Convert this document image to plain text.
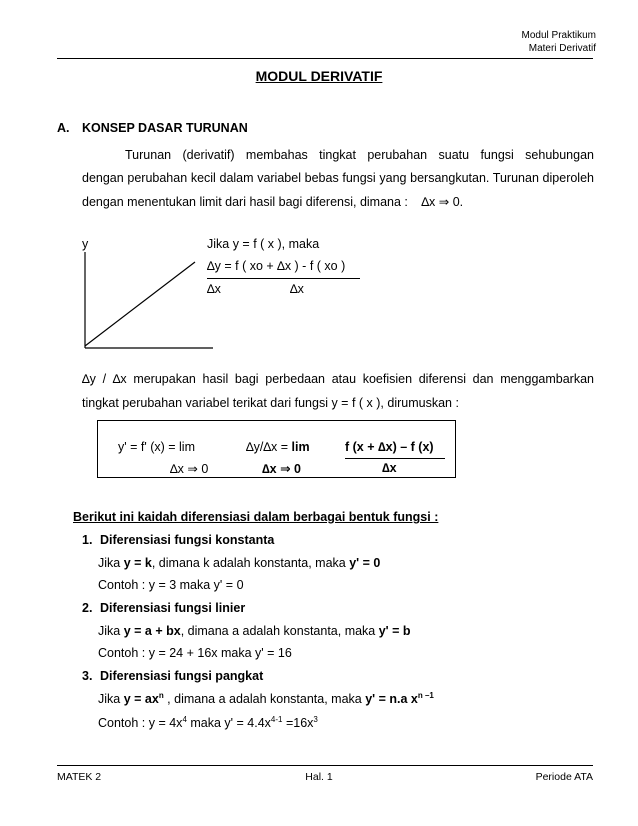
Modul Praktikum
Materi Derivatif
MODUL DERIVATIF
A. KONSEP DASAR TURUNAN
Turunan (derivatif) membahas tingkat perubahan suatu fungsi sehubungan
dengan perubahan kecil dalam variabel bebas fungsi yang bersangkutan. Turunan diperoleh
dengan menentukan limit dari hasil bagi diferensi, dimana : ∆x ⇒ 0.
y	Jika y = f ( x ), maka
∆y = f ( xo + ∆x ) - f ( xo )
∆x	∆x
∆y / ∆x merupakan hasil bagi perbedaan atau koefisien diferensi dan menggambarkan
tingkat perubahan variabel terikat dari fungsi y = f ( x ), dirumuskan :
y' = f' (x) = lim	∆y/∆x = lim	f (x + ∆x) – f (x)
∆x ⇒ 0	∆x ⇒ 0	∆x
Berikut ini kaidah diferensiasi dalam berbagai bentuk fungsi :
1. Diferensiasi fungsi konstanta
Jika y = k, dimana k adalah konstanta, maka y' = 0
Contoh : y = 3 maka y' = 0
2. Diferensiasi fungsi linier
Jika y = a + bx, dimana a adalah konstanta, maka y' = b
Contoh : y = 24 + 16x maka y' = 16
3. Diferensiasi fungsi pangkat
Jika $y = ax^n$ , dimana a adalah konstanta, maka y' = n.a $x^{n -1}$
Contoh : $y = 4x^4$ maka $y' = 4.4x^{4-1} =16x^3$
MATEK 2	Hal. 1	Periode ATA
